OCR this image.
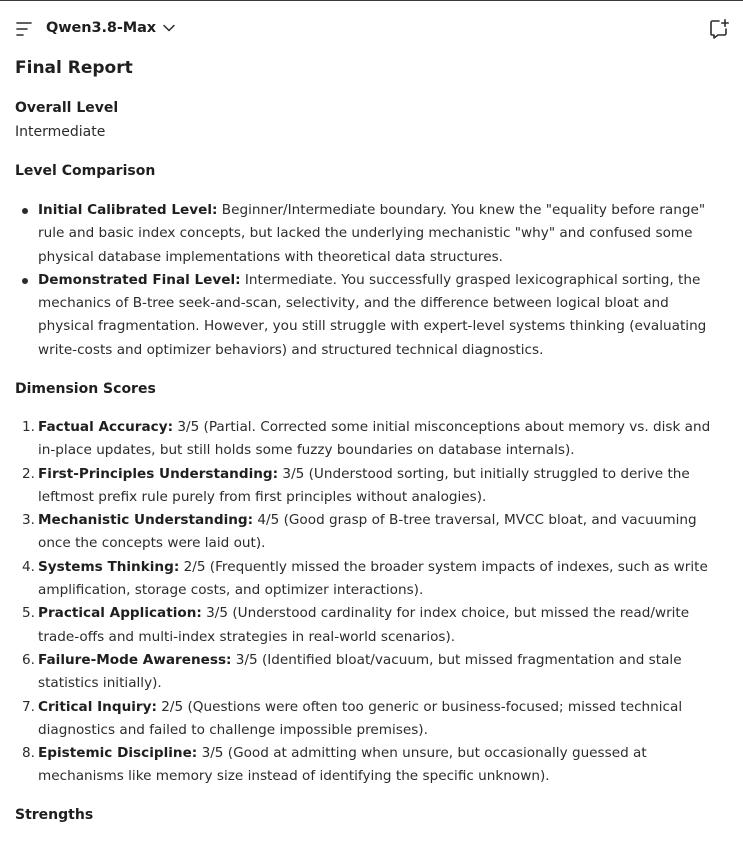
Qwen3.8-Max
Final Report
Overall Level
Intermediate
Level Comparison
Initial Calibrated Level: Beginner/Intermediate boundary. You knew the "equality before range" rule and basic index concepts, but lacked the underlying mechanistic "why" and confused some physical database implementations with theoretical data structures.
Demonstrated Final Level: Intermediate. You successfully grasped lexicographical sorting, the mechanics of B-tree seek-and-scan, selectivity, and the difference between logical bloat and physical fragmentation. However, you still struggle with expert-level systems thinking (evaluating write-costs and optimizer behaviors) and structured technical diagnostics.
Dimension Scores
1. Factual Accuracy: 3/5 (Partial. Corrected some initial misconceptions about memory vs. disk and in-place updates, but still holds some fuzzy boundaries on database internals).
2. First-Principles Understanding: 3/5 (Understood sorting, but initially struggled to derive the leftmost prefix rule purely from first principles without analogies).
3. Mechanistic Understanding: 4/5 (Good grasp of B-tree traversal, MVCC bloat, and vacuuming once the concepts were laid out).
4. Systems Thinking: 2/5 (Frequently missed the broader system impacts of indexes, such as write amplification, storage costs, and optimizer interactions).
5. Practical Application: 3/5 (Understood cardinality for index choice, but missed the read/write trade-offs and multi-index strategies in real-world scenarios).
6. Failure-Mode Awareness: 3/5 (Identified bloat/vacuum, but missed fragmentation and stale statistics initially).
7. Critical Inquiry: 2/5 (Questions were often too generic or business-focused; missed technical diagnostics and failed to challenge impossible premises).
8. Epistemic Discipline: 3/5 (Good at admitting when unsure, but occasionally guessed at mechanisms like memory size instead of identifying the specific unknown).
Strengths
